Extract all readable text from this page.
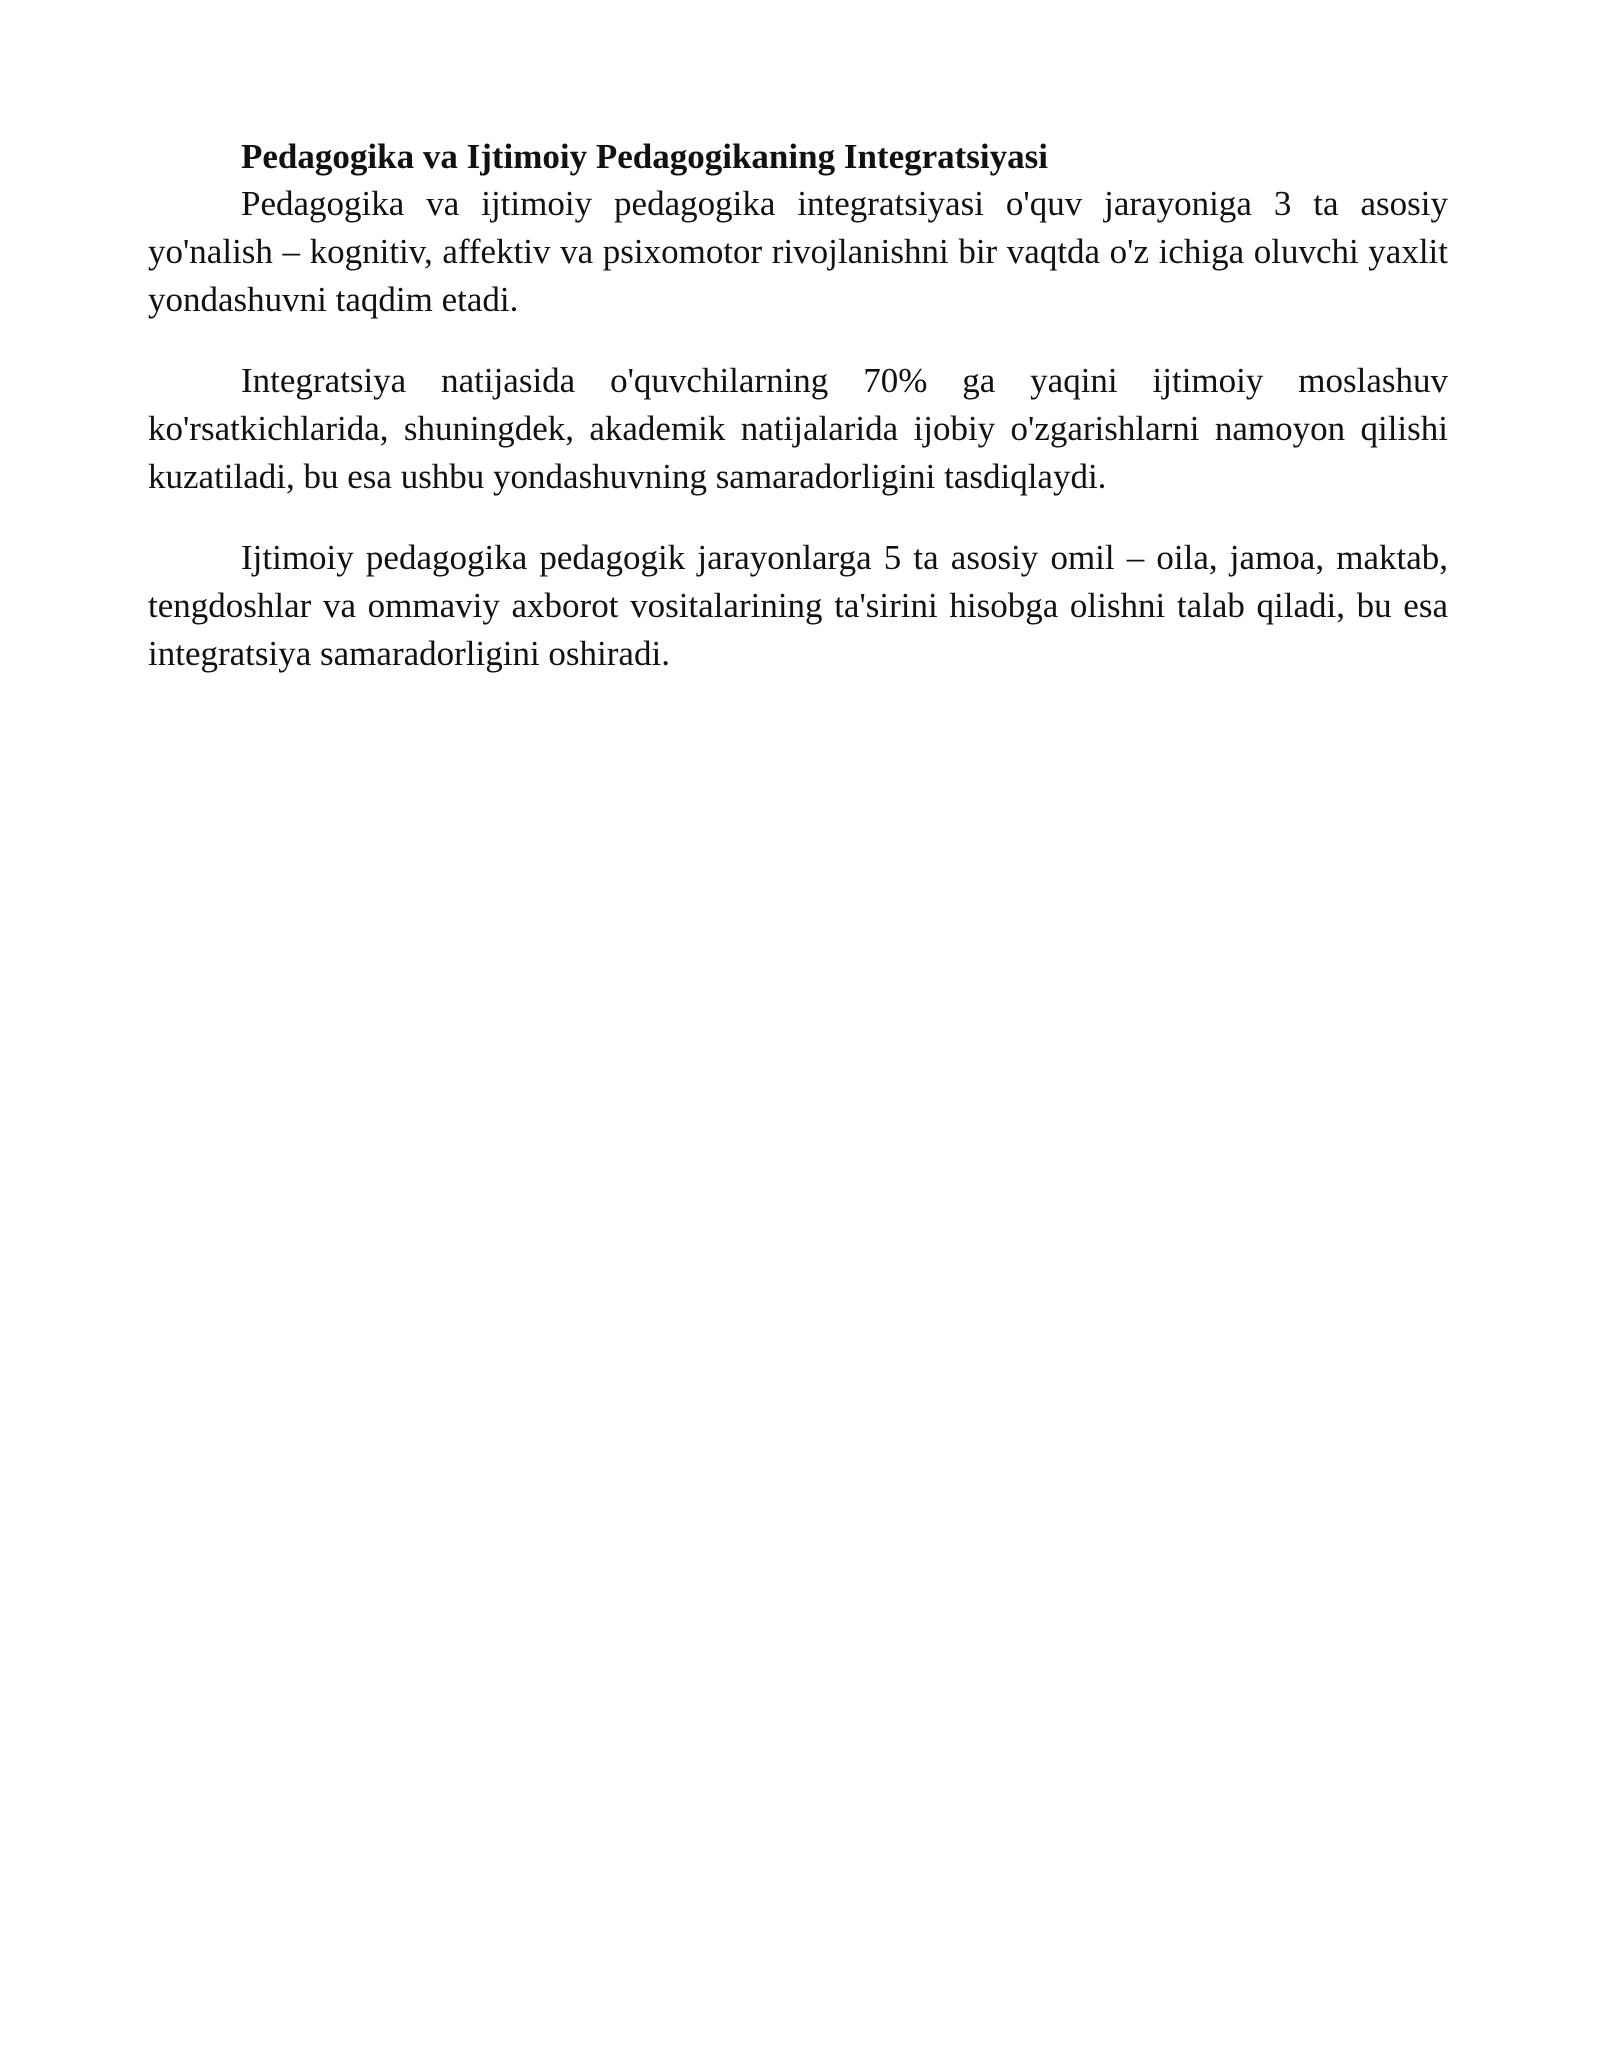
Pedagogika va Ijtimoiy Pedagogikaning Integratsiyasi

Pedagogika va ijtimoiy pedagogika integratsiyasi o'quv jarayoniga 3 ta asosiy yo'nalish – kognitiv, affektiv va psixomotor rivojlanishni bir vaqtda o'z ichiga oluvchi yaxlit yondashuvni taqdim etadi.

Integratsiya natijasida o'quvchilarning 70% ga yaqini ijtimoiy moslashuv ko'rsatkichlarida, shuningdek, akademik natijalarida ijobiy o'zgarishlarni namoyon qilishi kuzatiladi, bu esa ushbu yondashuvning samaradorligini tasdiqlaydi.

Ijtimoiy pedagogika pedagogik jarayonlarga 5 ta asosiy omil – oila, jamoa, maktab, tengdoshlar va ommaviy axborot vositalarining ta'sirini hisobga olishni talab qiladi, bu esa integratsiya samaradorligini oshiradi.
